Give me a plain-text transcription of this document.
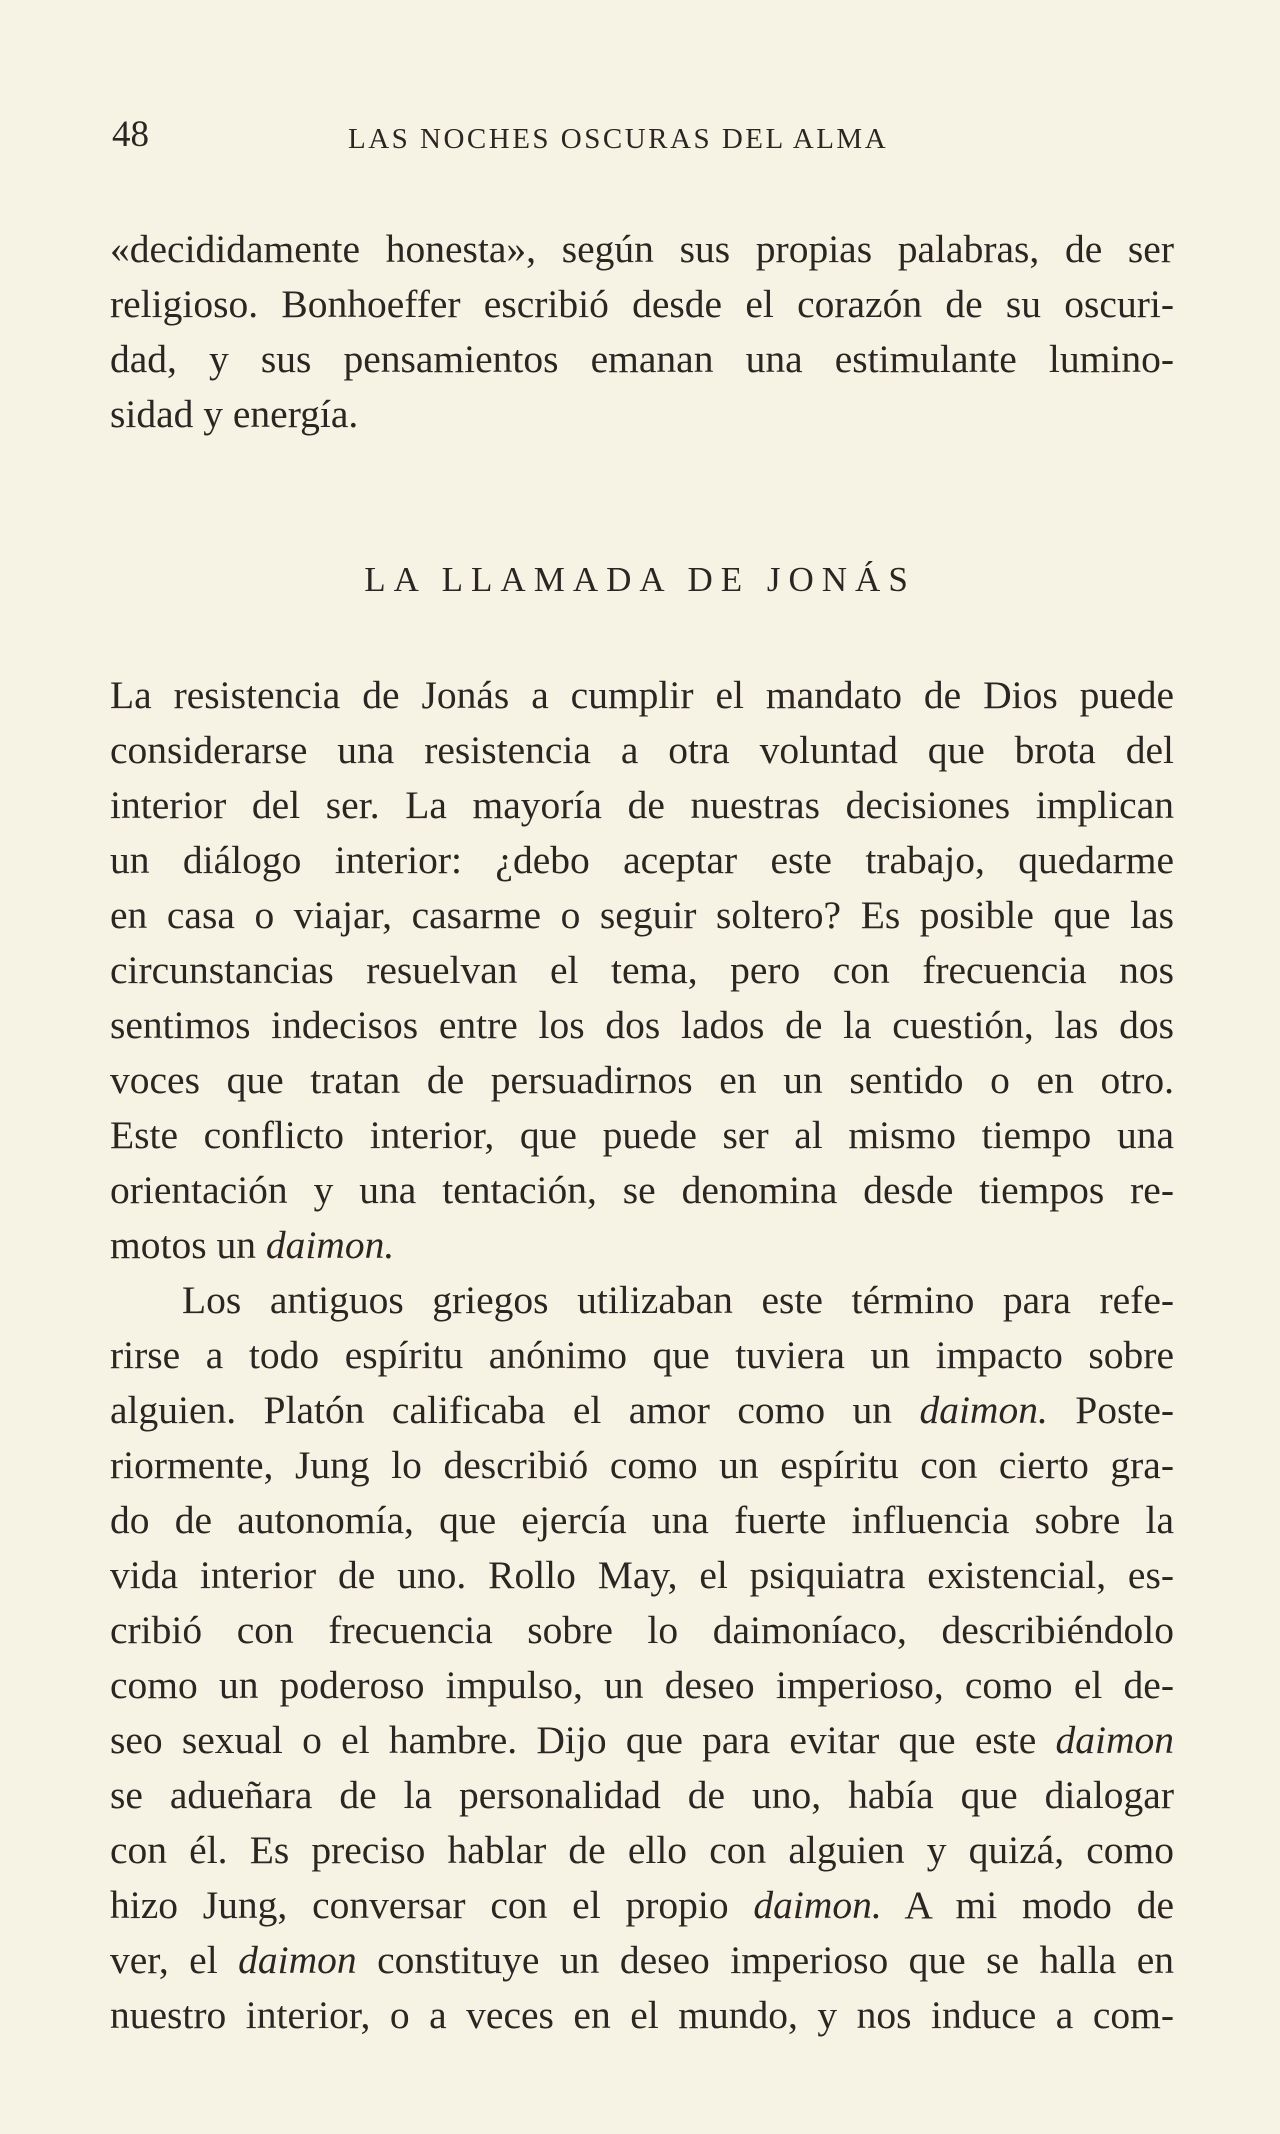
48	LAS NOCHES OSCURAS DEL ALMA
«decididamente honesta», según sus propias palabras, de ser
religioso. Bonhoeffer escribió desde el corazón de su oscuri-
dad, y sus pensamientos emanan una estimulante lumino-
sidad y energía.
LA LLAMADA DE JONÁS
La resistencia de Jonás a cumplir el mandato de Dios puede
considerarse una resistencia a otra voluntad que brota del
interior del ser. La mayoría de nuestras decisiones implican
un diálogo interior: ¿debo aceptar este trabajo, quedarme
en casa o viajar, casarme o seguir soltero? Es posible que las
circunstancias resuelvan el tema, pero con frecuencia nos
sentimos indecisos entre los dos lados de la cuestión, las dos
voces que tratan de persuadirnos en un sentido o en otro.
Este conflicto interior, que puede ser al mismo tiempo una
orientación y una tentación, se denomina desde tiempos re-
motos un daimon.
Los antiguos griegos utilizaban este término para refe-
rirse a todo espíritu anónimo que tuviera un impacto sobre
alguien. Platón calificaba el amor como un daimon. Poste-
riormente, Jung lo describió como un espíritu con cierto gra-
do de autonomía, que ejercía una fuerte influencia sobre la
vida interior de uno. Rollo May, el psiquiatra existencial, es-
cribió con frecuencia sobre lo daimoníaco, describiéndolo
como un poderoso impulso, un deseo imperioso, como el de-
seo sexual o el hambre. Dijo que para evitar que este daimon
se adueñara de la personalidad de uno, había que dialogar
con él. Es preciso hablar de ello con alguien y quizá, como
hizo Jung, conversar con el propio daimon. A mi modo de
ver, el daimon constituye un deseo imperioso que se halla en
nuestro interior, o a veces en el mundo, y nos induce a com-
